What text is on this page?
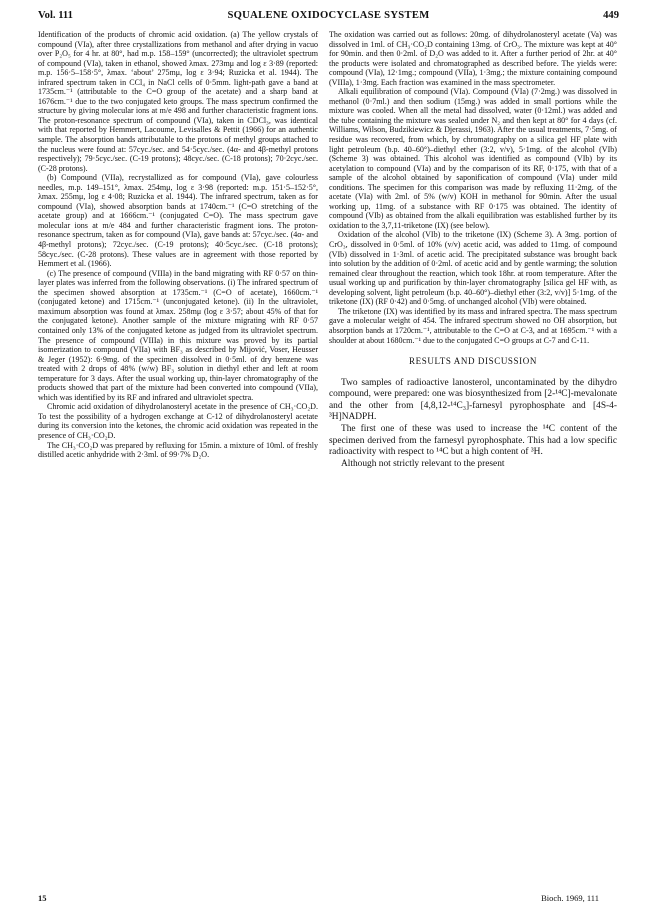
Vol. 111	SQUALENE OXIDOCYCLASE SYSTEM	449

Identification of the products of chromic acid oxidation. (a) The yellow crystals of compound (VIa), after three crystallizations from methanol and after drying in vacuo over P₂O₅ for 4 hr. at 80°, had m.p. 158–159° (uncorrected); the ultraviolet spectrum of compound (VIa), taken in ethanol, showed λmax. 273mμ and log ε 3·89 (reported: m.p. 156·5–158·5°, λmax. ‘about’ 275mμ, log ε 3·94; Ruzicka et al. 1944). The infrared spectrum taken in CCl₄ in NaCl cells of 0·5mm. light-path gave a band at 1735cm.⁻¹ (attributable to the C=O group of the acetate) and a sharp band at 1676cm.⁻¹ due to the two conjugated keto groups. The mass spectrum confirmed the structure by giving molecular ions at m/e 498 and further characteristic fragment ions. The proton-resonance spectrum of compound (VIa), taken in CDCl₃, was identical with that reported by Hemmert, Lacoume, Levisalles & Pettit (1966) for an authentic sample. The absorption bands attributable to the protons of methyl groups attached to the nucleus were found at: 57cyc./sec. and 54·5cyc./sec. (4α- and 4β-methyl protons respectively); 79·5cyc./sec. (C-19 protons); 48cyc./sec. (C-18 protons); 70·2cyc./sec. (C-28 protons).

(b) Compound (VIIa), recrystallized as for compound (VIa), gave colourless needles, m.p. 149–151°, λmax. 254mμ, log ε 3·98 (reported: m.p. 151·5–152·5°, λmax. 255mμ, log ε 4·08; Ruzicka et al. 1944). The infrared spectrum, taken as for compound (VIa), showed absorption bands at 1740cm.⁻¹ (C=O stretching of the acetate group) and at 1666cm.⁻¹ (conjugated C=O). The mass spectrum gave molecular ions at m/e 484 and further characteristic fragment ions. The proton-resonance spectrum, taken as for compound (VIa), gave bands at: 57cyc./sec. (4α- and 4β-methyl protons); 72cyc./sec. (C-19 protons); 40·5cyc./sec. (C-18 protons); 58cyc./sec. (C-28 protons). These values are in agreement with those reported by Hemmert et al. (1966).

(c) The presence of compound (VIIIa) in the band migrating with RF 0·57 on thin-layer plates was inferred from the following observations. (i) The infrared spectrum of the specimen showed absorption at 1735cm.⁻¹ (C=O of acetate), 1660cm.⁻¹ (conjugated ketone) and 1715cm.⁻¹ (unconjugated ketone). (ii) In the ultraviolet, maximum absorption was found at λmax. 258mμ (log ε 3·57; about 45% of that for the conjugated ketone). Another sample of the mixture migrating with RF 0·57 contained only 13% of the conjugated ketone as judged from its ultraviolet spectrum. The presence of compound (VIIIa) in this mixture was proved by its partial isomerization to compound (VIIa) with BF₃ as described by Mijović, Voser, Heusser & Jeger (1952): 6·9mg. of the specimen dissolved in 0·5ml. of dry benzene was treated with 2 drops of 48% (w/w) BF₃ solution in diethyl ether and left at room temperature for 3 days. After the usual working up, thin-layer chromatography of the products showed that part of the mixture had been converted into compound (VIIa), which was identified by its RF and infrared and ultraviolet spectra.

Chromic acid oxidation of dihydrolanosteryl acetate in the presence of CH₃·CO₂D. To test the possibility of a hydrogen exchange at C-12 of dihydrolanosteryl acetate during its conversion into the ketones, the chromic acid oxidation was repeated in the presence of CH₃·CO₂D.

The CH₃·CO₂D was prepared by refluxing for 15min. a mixture of 10ml. of freshly distilled acetic anhydride with 2·3ml. of 99·7% D₂O.

The oxidation was carried out as follows: 20mg. of dihydrolanosteryl acetate (Va) was dissolved in 1ml. of CH₃·CO₂D containing 13mg. of CrO₃. The mixture was kept at 40° for 90min. and then 0·2ml. of D₂O was added to it. After a further period of 2hr. at 40° the products were isolated and chromatographed as described before. The yields were: compound (VIa), 12·1mg.; compound (VIIa), 1·3mg.; the mixture containing compound (VIIIa), 1·3mg. Each fraction was examined in the mass spectrometer.

Alkali equilibration of compound (VIa). Compound (VIa) (7·2mg.) was dissolved in methanol (0·7ml.) and then sodium (15mg.) was added in small portions while the mixture was cooled. When all the metal had dissolved, water (0·12ml.) was added and the tube containing the mixture was sealed under N₂ and then kept at 80° for 4 days (cf. Williams, Wilson, Budzikiewicz & Djerassi, 1963). After the usual treatments, 7·5mg. of residue was recovered, from which, by chromatography on a silica gel HF plate with light petroleum (b.p. 40–60°)–diethyl ether (3:2, v/v), 5·1mg. of the alcohol (VIb) (Scheme 3) was obtained. This alcohol was identified as compound (VIb) by its acetylation to compound (VIa) and by the comparison of its RF, 0·175, with that of a sample of the alcohol obtained by saponification of compound (VIa) under mild conditions. The specimen for this comparison was made by refluxing 11·2mg. of the acetate (VIa) with 2ml. of 5% (w/v) KOH in methanol for 90min. After the usual working up, 11mg. of a substance with RF 0·175 was obtained. The identity of compound (VIb) as obtained from the alkali equilibration was established further by its oxidation to the 3,7,11-triketone (IX) (see below).

Oxidation of the alcohol (VIb) to the triketone (IX) (Scheme 3). A 3mg. portion of CrO₃, dissolved in 0·5ml. of 10% (v/v) acetic acid, was added to 11mg. of compound (VIb) dissolved in 1·3ml. of acetic acid. The precipitated substance was brought back into solution by the addition of 0·2ml. of acetic acid and by gentle warming; the solution remained clear throughout the reaction, which took 18hr. at room temperature. After the usual working up and purification by thin-layer chromatography [silica gel HF with, as developing solvent, light petroleum (b.p. 40–60°)–diethyl ether (3:2, v/v)] 5·1mg. of the triketone (IX) (RF 0·42) and 0·5mg. of unchanged alcohol (VIb) were obtained.

The triketone (IX) was identified by its mass and infrared spectra. The mass spectrum gave a molecular weight of 454. The infrared spectrum showed no OH absorption, but absorption bands at 1720cm.⁻¹, attributable to the C=O at C-3, and at 1695cm.⁻¹ with a shoulder at about 1680cm.⁻¹ due to the conjugated C=O groups at C-7 and C-11.

RESULTS AND DISCUSSION

Two samples of radioactive lanosterol, uncontaminated by the dihydro compound, were prepared: one was biosynthesized from [2-¹⁴C]-mevalonate and the other from [4,8,12-¹⁴C₃]-farnesyl pyrophosphate and [4S-4-³H]NADPH.

The first one of these was used to increase the ¹⁴C content of the specimen derived from the farnesyl pyrophosphate. This had a low specific radioactivity with respect to ¹⁴C but a high content of ³H.

Although not strictly relevant to the present

15	Bioch. 1969, 111
